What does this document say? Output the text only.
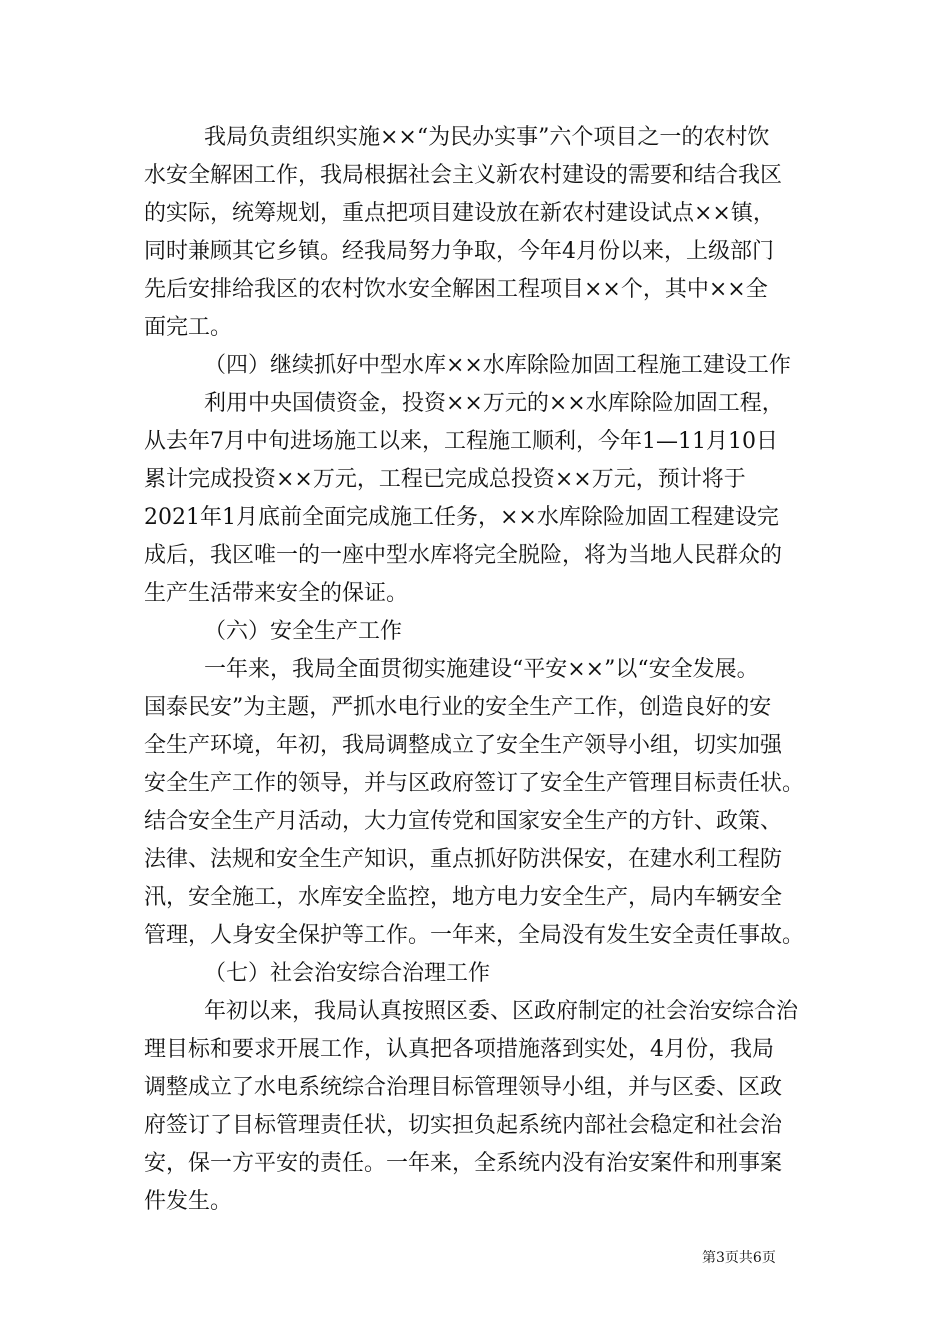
我局负责组织实施××“为民办实事”六个项目之一的农村饮
水安全解困工作，我局根据社会主义新农村建设的需要和结合我区
的实际，统筹规划，重点把项目建设放在新农村建设试点××镇，
同时兼顾其它乡镇。经我局努力争取，今年4月份以来，上级部门
先后安排给我区的农村饮水安全解困工程项目××个，其中××全
面完工。
（四）继续抓好中型水库××水库除险加固工程施工建设工作
利用中央国债资金，投资××万元的××水库除险加固工程，
从去年7月中旬进场施工以来，工程施工顺利，今年1—11月10日
累计完成投资××万元，工程已完成总投资××万元，预计将于
2021年1月底前全面完成施工任务，××水库除险加固工程建设完
成后，我区唯一的一座中型水库将完全脱险，将为当地人民群众的
生产生活带来安全的保证。
（六）安全生产工作
一年来，我局全面贯彻实施建设“平安××”以“安全发展。
国泰民安”为主题，严抓水电行业的安全生产工作，创造良好的安
全生产环境，年初，我局调整成立了安全生产领导小组，切实加强
安全生产工作的领导，并与区政府签订了安全生产管理目标责任状。
结合安全生产月活动，大力宣传党和国家安全生产的方针、政策、
法律、法规和安全生产知识，重点抓好防洪保安，在建水利工程防
汛，安全施工，水库安全监控，地方电力安全生产，局内车辆安全
管理，人身安全保护等工作。一年来，全局没有发生安全责任事故。
（七）社会治安综合治理工作
年初以来，我局认真按照区委、区政府制定的社会治安综合治
理目标和要求开展工作，认真把各项措施落到实处，4月份，我局
调整成立了水电系统综合治理目标管理领导小组，并与区委、区政
府签订了目标管理责任状，切实担负起系统内部社会稳定和社会治
安，保一方平安的责任。一年来，全系统内没有治安案件和刑事案
件发生。
第3页共6页
